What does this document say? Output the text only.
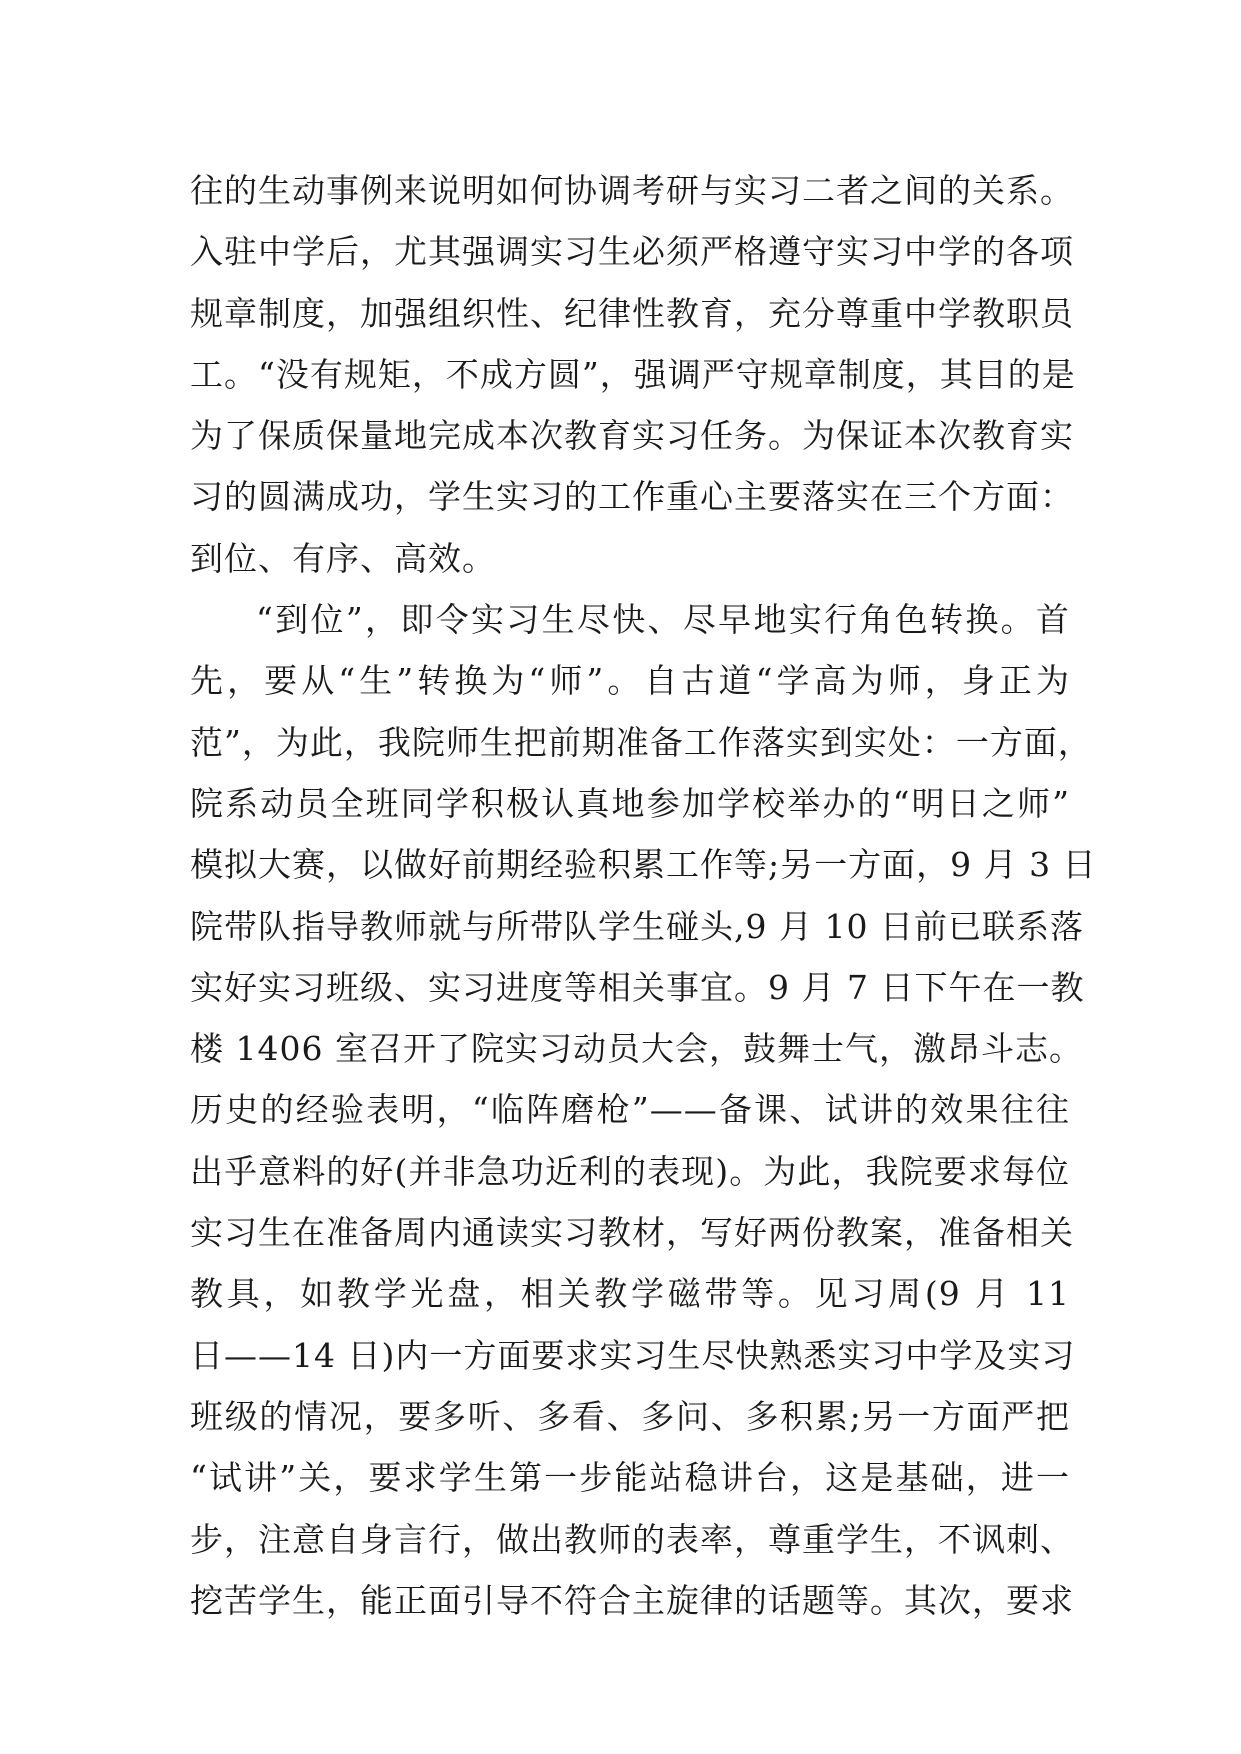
往的生动事例来说明如何协调考研与实习二者之间的关系。
入驻中学后，尤其强调实习生必须严格遵守实习中学的各项
规章制度，加强组织性、纪律性教育，充分尊重中学教职员
工。“没有规矩，不成方圆”，强调严守规章制度，其目的是
为了保质保量地完成本次教育实习任务。为保证本次教育实
习的圆满成功，学生实习的工作重心主要落实在三个方面：
到位、有序、高效。
“到位”，即令实习生尽快、尽早地实行角色转换。首
先，要从“生”转换为“师”。自古道“学高为师，身正为
范”，为此，我院师生把前期准备工作落实到实处：一方面，
院系动员全班同学积极认真地参加学校举办的“明日之师”
模拟大赛，以做好前期经验积累工作等;另一方面，9 月 3 日
院带队指导教师就与所带队学生碰头,9 月 10 日前已联系落
实好实习班级、实习进度等相关事宜。9 月 7 日下午在一教
楼 1406 室召开了院实习动员大会，鼓舞士气，激昂斗志。
历史的经验表明，“临阵磨枪”——备课、试讲的效果往往
出乎意料的好(并非急功近利的表现)。为此，我院要求每位
实习生在准备周内通读实习教材，写好两份教案，准备相关
教具，如教学光盘，相关教学磁带等。见习周(9 月 11
日——14 日)内一方面要求实习生尽快熟悉实习中学及实习
班级的情况，要多听、多看、多问、多积累;另一方面严把
“试讲”关，要求学生第一步能站稳讲台，这是基础，进一
步，注意自身言行，做出教师的表率，尊重学生，不讽刺、
挖苦学生，能正面引导不符合主旋律的话题等。其次，要求
